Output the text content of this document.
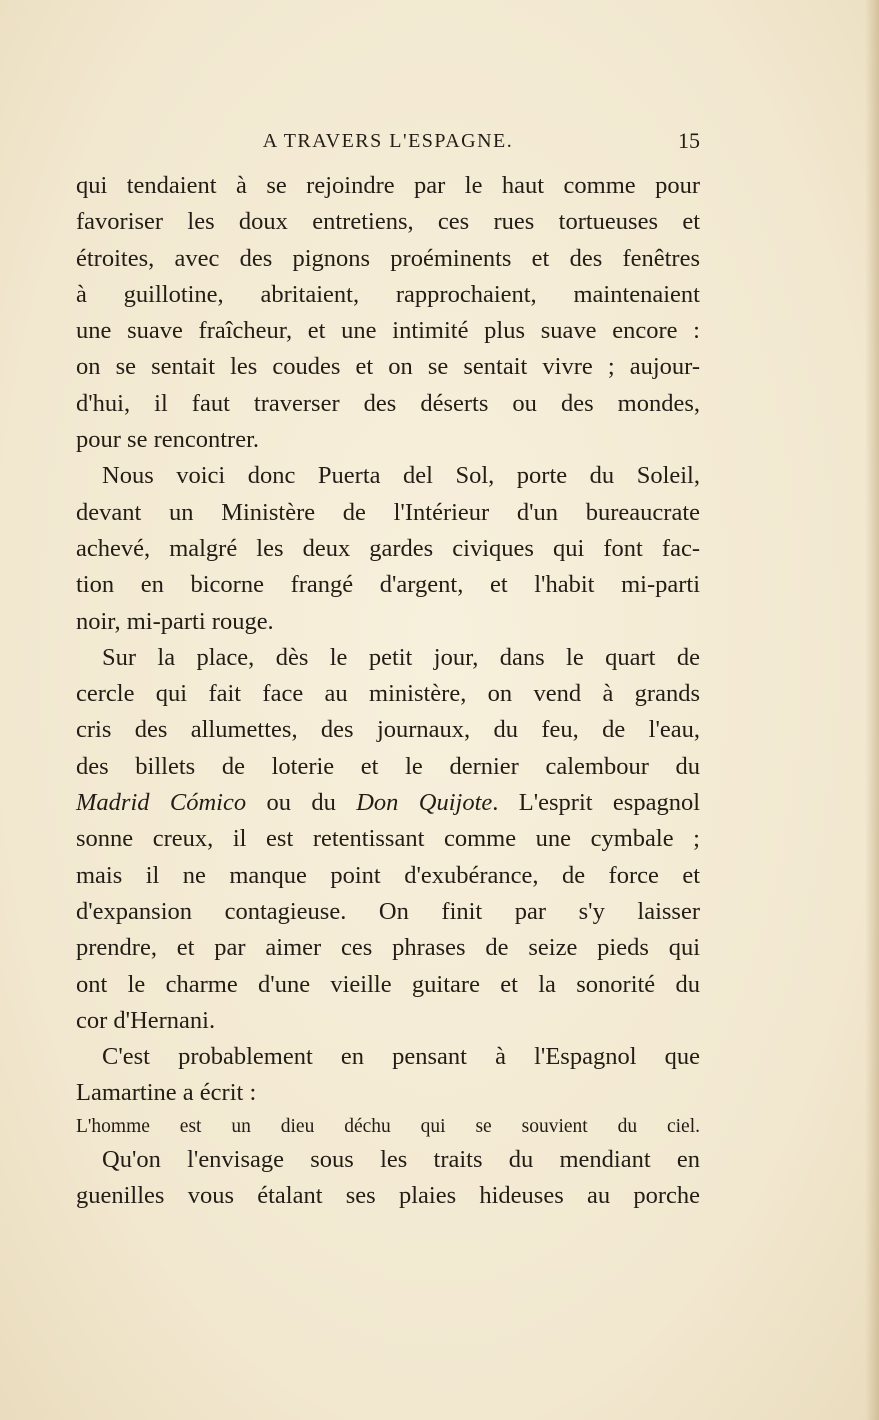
A TRAVERS L'ESPAGNE.	15

qui tendaient à se rejoindre par le haut comme pour
favoriser les doux entretiens, ces rues tortueuses et
étroites, avec des pignons proéminents et des fenêtres
à guillotine, abritaient, rapprochaient, maintenaient
une suave fraîcheur, et une intimité plus suave encore :
on se sentait les coudes et on se sentait vivre ; aujour-
d'hui, il faut traverser des déserts ou des mondes,

pour se rencontrer.

Nous voici donc Puerta del Sol, porte du Soleil,

devant un Ministère de l'Intérieur d'un bureaucrate
achevé, malgré les deux gardes civiques qui font fac-
tion en bicorne frangé d'argent, et l'habit mi-parti

noir, mi-parti rouge.

Sur la place, dès le petit jour, dans le quart de

cercle qui fait face au ministère, on vend à grands
cris des allumettes, des journaux, du feu, de l'eau,
des billets de loterie et le dernier calembour du
Madrid Cómico ou du Don Quijote. L'esprit espagnol
sonne creux, il est retentissant comme une cymbale ;
mais il ne manque point d'exubérance, de force et
d'expansion contagieuse. On finit par s'y laisser
prendre, et par aimer ces phrases de seize pieds qui
ont le charme d'une vieille guitare et la sonorité du

cor d'Hernani.

C'est probablement en pensant à l'Espagnol que

Lamartine a écrit :

L'homme est un dieu déchu qui se souvient du ciel.

Qu'on l'envisage sous les traits du mendiant en

guenilles vous étalant ses plaies hideuses au porche
